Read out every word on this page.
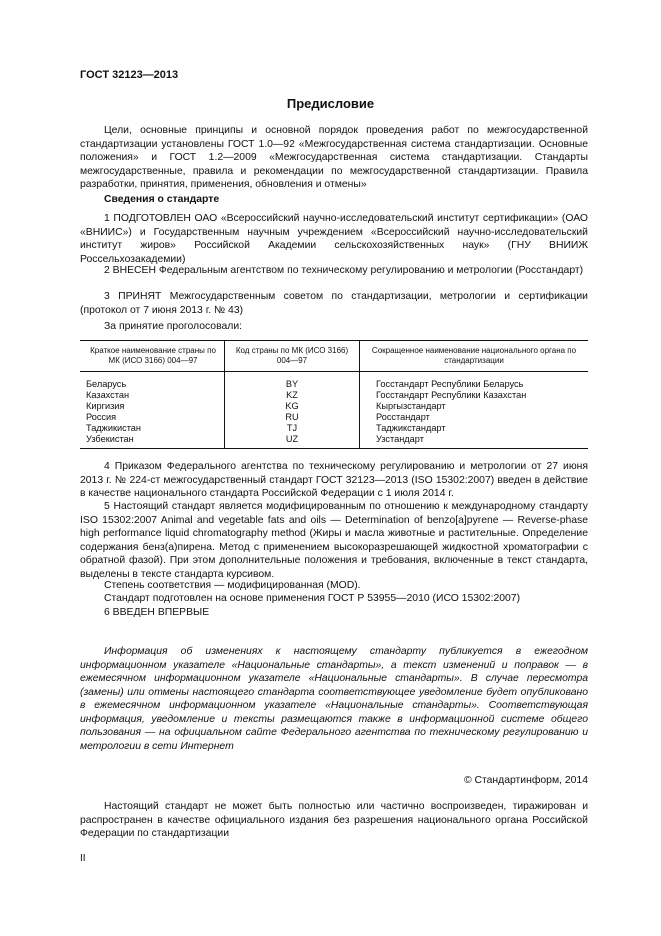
ГОСТ 32123—2013
Предисловие

Цели, основные принципы и основной порядок проведения работ по межгосударственной стандартизации установлены ГОСТ 1.0—92 «Межгосударственная система стандартизации. Основные положения» и ГОСТ 1.2—2009 «Межгосударственная система стандартизации. Стандарты межгосударственные, правила и рекомендации по межгосударственной стандартизации. Правила разработки, принятия, применения, обновления и отмены»

Сведения о стандарте

1 ПОДГОТОВЛЕН ОАО «Всероссийский научно-исследовательский институт сертификации» (ОАО «ВНИИС») и Государственным научным учреждением «Всероссийский научно-исследовательский институт жиров» Российской Академии сельскохозяйственных наук» (ГНУ ВНИИЖ Россельхозакадемии)

2 ВНЕСЕН Федеральным агентством по техническому регулированию и метрологии (Росстандарт)

3 ПРИНЯТ Межгосударственным советом по стандартизации, метрологии и сертификации (протокол от 7 июня 2013 г. № 43)

За принятие проголосовали:
Краткое наименование страны по МК (ИСО 3166) 004—97	Код страны по МК (ИСО 3166) 004—97	Сокращенное наименование национального органа по стандартизации
Беларусь	BY	Госстандарт Республики Беларусь
Казахстан	KZ	Госстандарт Республики Казахстан
Киргизия	KG	Кыргызстандарт
Россия	RU	Росстандарт
Таджикистан	TJ	Таджикстандарт
Узбекистан	UZ	Узстандарт

4 Приказом Федерального агентства по техническому регулированию и метрологии от 27 июня 2013 г. № 224-ст межгосударственный стандарт ГОСТ 32123—2013 (ISO 15302:2007) введен в действие в качестве национального стандарта Российской Федерации с 1 июля 2014 г.

5 Настоящий стандарт является модифицированным по отношению к международному стандарту ISO 15302:2007 Animal and vegetable fats and oils — Determination of benzo[a]pyrene — Reverse-phase high performance liquid chromatography method (Жиры и масла животные и растительные. Определение содержания бенз(а)пирена. Метод с применением высокоразрешающей жидкостной хроматографии с обратной фазой). При этом дополнительные положения и требования, включенные в текст стандарта, выделены в тексте стандарта курсивом.

Степень соответствия — модифицированная (MOD).
Стандарт подготовлен на основе применения ГОСТ Р 53955—2010 (ИСО 15302:2007)
6 ВВЕДЕН ВПЕРВЫЕ

Информация об изменениях к настоящему стандарту публикуется в ежегодном информационном указателе «Национальные стандарты», а текст изменений и поправок — в ежемесячном информационном указателе «Национальные стандарты». В случае пересмотра (замены) или отмены настоящего стандарта соответствующее уведомление будет опубликовано в ежемесячном информационном указателе «Национальные стандарты». Соответствующая информация, уведомление и тексты размещаются также в информационной системе общего пользования — на официальном сайте Федерального агентства по техническому регулированию и метрологии в сети Интернет

© Стандартинформ, 2014

Настоящий стандарт не может быть полностью или частично воспроизведен, тиражирован и распространен в качестве официального издания без разрешения национального органа Российской Федерации по стандартизации

II
